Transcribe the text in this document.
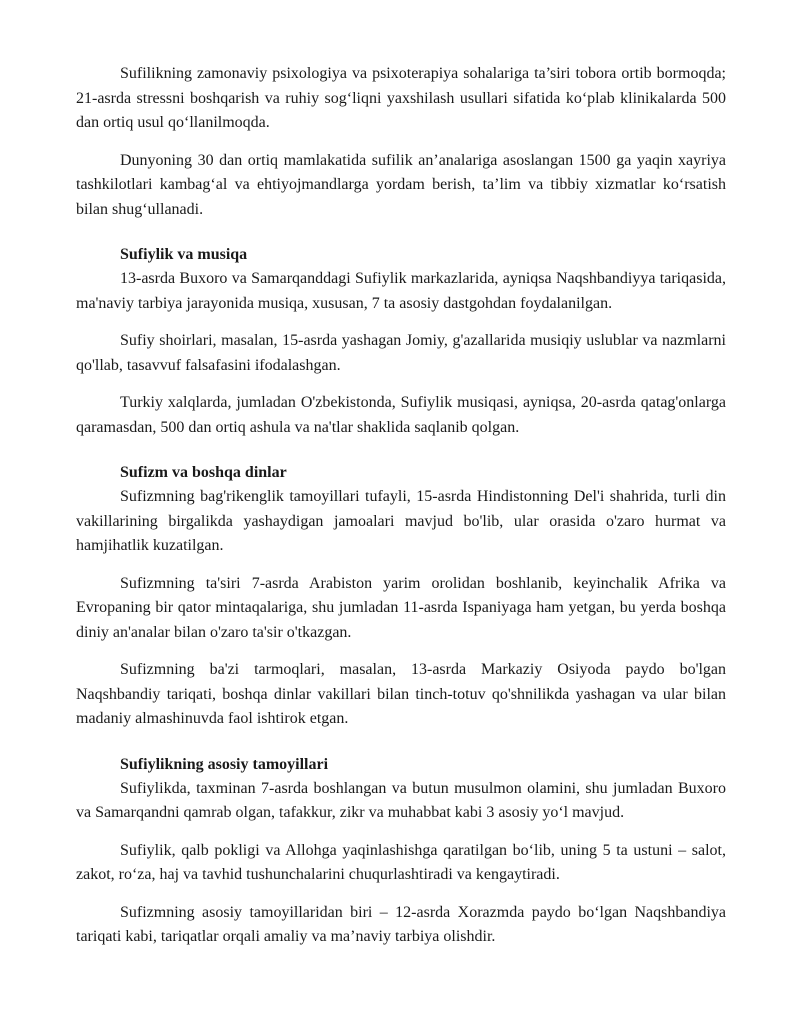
Sufilikning zamonaviy psixologiya va psixoterapiya sohalariga ta’siri tobora ortib bormoqda; 21-asrda stressni boshqarish va ruhiy sog‘liqni yaxshilash usullari sifatida ko‘plab klinikalarda 500 dan ortiq usul qo‘llanilmoqda.

Dunyoning 30 dan ortiq mamlakatida sufilik an’analariga asoslangan 1500 ga yaqin xayriya tashkilotlari kambag‘al va ehtiyojmandlarga yordam berish, ta’lim va tibbiy xizmatlar ko‘rsatish bilan shug‘ullanadi.

Sufiylik va musiqa

13-asrda Buxoro va Samarqanddagi Sufiylik markazlarida, ayniqsa Naqshbandiyya tariqasida, ma'naviy tarbiya jarayonida musiqa, xususan, 7 ta asosiy dastgohdan foydalanilgan.

Sufiy shoirlari, masalan, 15-asrda yashagan Jomiy, g'azallarida musiqiy uslublar va nazmlarni qo'llab, tasavvuf falsafasini ifodalashgan.

Turkiy xalqlarda, jumladan O'zbekistonda, Sufiylik musiqasi, ayniqsa, 20-asrda qatag'onlarga qaramasdan, 500 dan ortiq ashula va na'tlar shaklida saqlanib qolgan.

Sufizm va boshqa dinlar

Sufizmning bag'rikenglik tamoyillari tufayli, 15-asrda Hindistonning Del'i shahrida, turli din vakillarining birgalikda yashaydigan jamoalari mavjud bo'lib, ular orasida o'zaro hurmat va hamjihatlik kuzatilgan.

Sufizmning ta'siri 7-asrda Arabiston yarim orolidan boshlanib, keyinchalik Afrika va Evropaning bir qator mintaqalariga, shu jumladan 11-asrda Ispaniyaga ham yetgan, bu yerda boshqa diniy an'analar bilan o'zaro ta'sir o'tkazgan.

Sufizmning ba'zi tarmoqlari, masalan, 13-asrda Markaziy Osiyoda paydo bo'lgan Naqshbandiy tariqati, boshqa dinlar vakillari bilan tinch-totuv qo'shnilikda yashagan va ular bilan madaniy almashinuvda faol ishtirok etgan.

Sufiylikning asosiy tamoyillari

Sufiylikda, taxminan 7-asrda boshlangan va butun musulmon olamini, shu jumladan Buxoro va Samarqandni qamrab olgan, tafakkur, zikr va muhabbat kabi 3 asosiy yo‘l mavjud.

Sufiylik, qalb pokligi va Allohga yaqinlashishga qaratilgan bo‘lib, uning 5 ta ustuni – salot, zakot, ro‘za, haj va tavhid tushunchalarini chuqurlashtiradi va kengaytiradi.

Sufizmning asosiy tamoyillaridan biri – 12-asrda Xorazmda paydo bo‘lgan Naqshbandiya tariqati kabi, tariqatlar orqali amaliy va ma’naviy tarbiya olishdir.
